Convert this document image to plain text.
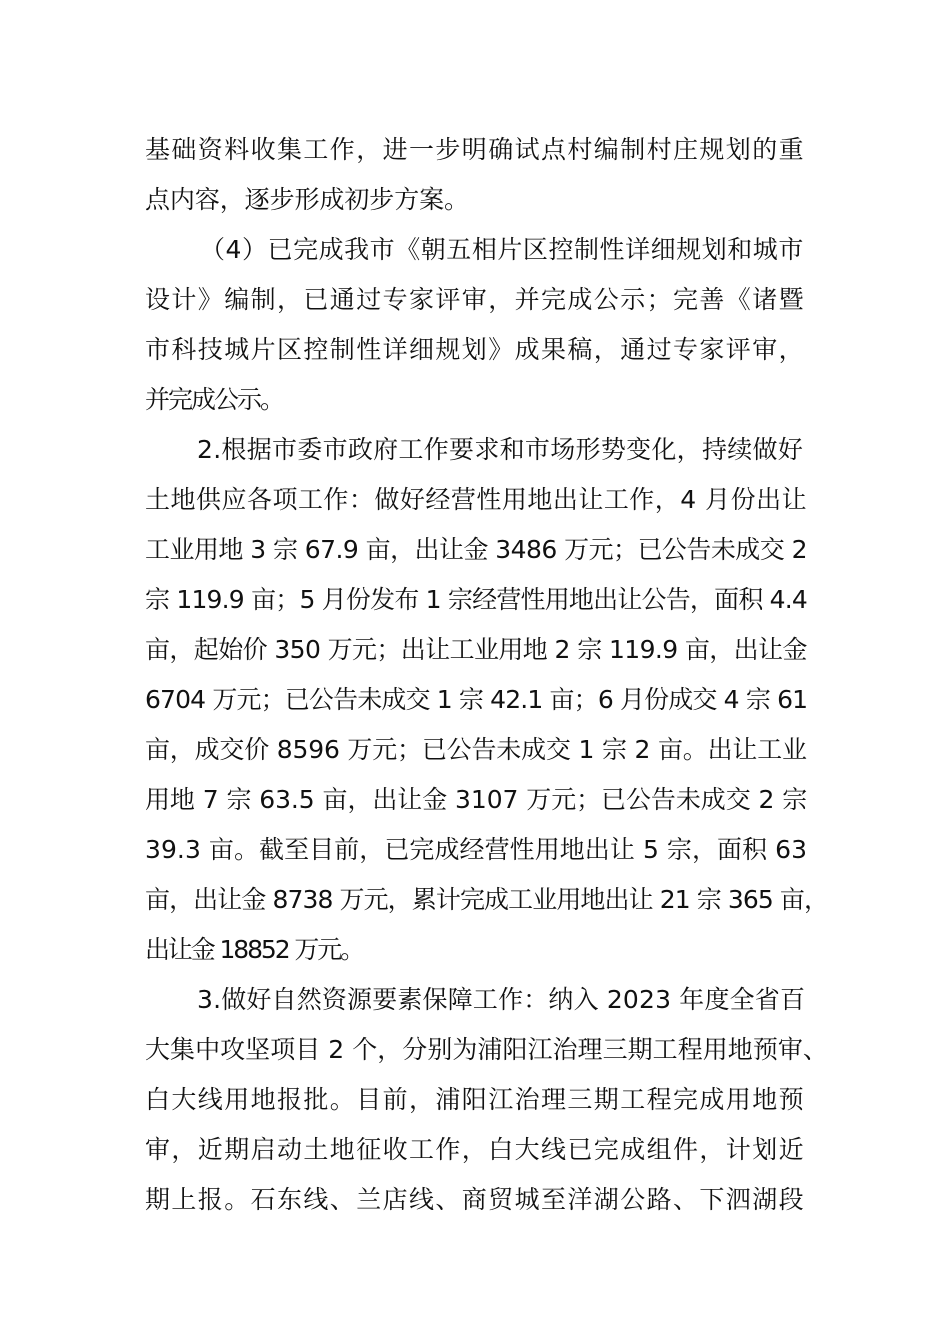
基础资料收集工作，进一步明确试点村编制村庄规划的重
点内容，逐步形成初步方案。
（4）已完成我市《朝五相片区控制性详细规划和城市
设计》编制，已通过专家评审，并完成公示；完善《诸暨
市科技城片区控制性详细规划》成果稿，通过专家评审，
并完成公示。
2.根据市委市政府工作要求和市场形势变化，持续做好
土地供应各项工作：做好经营性用地出让工作，4 月份出让
工业用地 3 宗 67.9 亩，出让金 3486 万元；已公告未成交 2
宗 119.9 亩；5 月份发布 1 宗经营性用地出让公告，面积 4.4
亩，起始价 350 万元；出让工业用地 2 宗 119.9 亩，出让金
6704 万元；已公告未成交 1 宗 42.1 亩；6 月份成交 4 宗 61
亩，成交价 8596 万元；已公告未成交 1 宗 2 亩。出让工业
用地 7 宗 63.5 亩，出让金 3107 万元；已公告未成交 2 宗
39.3 亩。截至目前，已完成经营性用地出让 5 宗，面积 63
亩，出让金 8738 万元，累计完成工业用地出让 21 宗 365 亩，
出让金 18852 万元。
3.做好自然资源要素保障工作：纳入 2023 年度全省百
大集中攻坚项目 2 个，分别为浦阳江治理三期工程用地预审、
白大线用地报批。目前，浦阳江治理三期工程完成用地预
审，近期启动土地征收工作，白大线已完成组件，计划近
期上报。石东线、兰店线、商贸城至洋湖公路、下泗湖段
